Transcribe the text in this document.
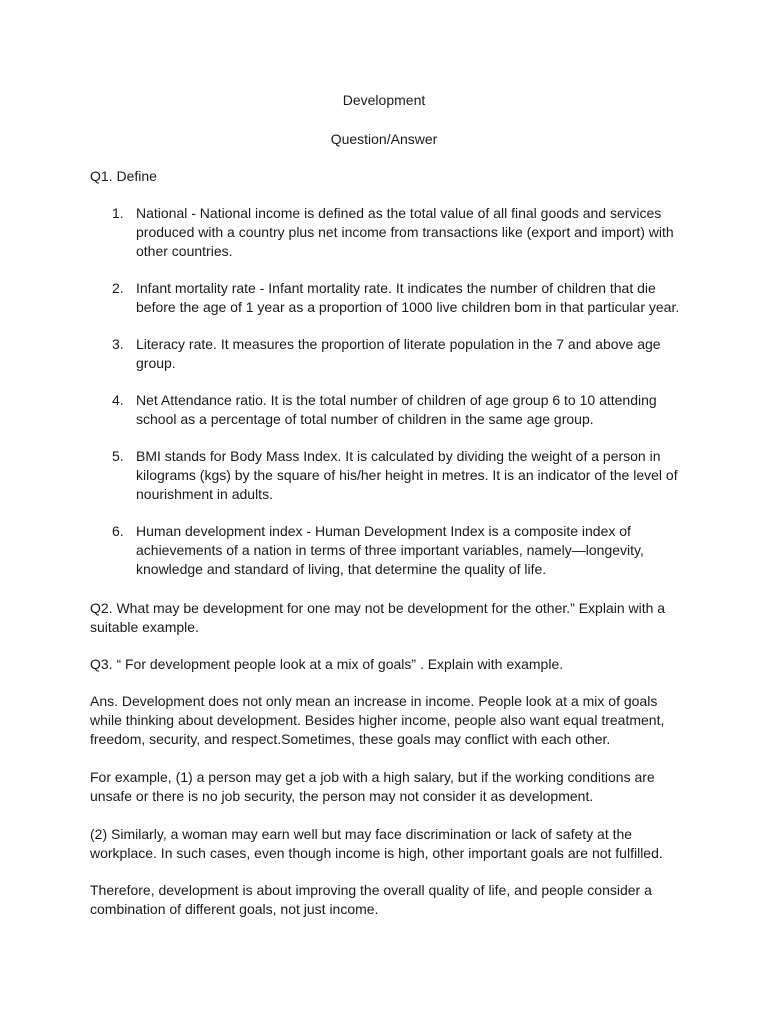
Development
Question/Answer
Q1. Define
1. National - National income is defined as the total value of all final goods and services produced with a country plus net income from transactions like (export and import) with other countries.
2. Infant mortality rate - Infant mortality rate. It indicates the number of children that die before the age of 1 year as a proportion of 1000 live children bom in that particular year.
3. Literacy rate. It measures the proportion of literate population in the 7 and above age group.
4. Net Attendance ratio. It is the total number of children of age group 6 to 10 attending school as a percentage of total number of children in the same age group.
5. BMI stands for Body Mass Index. It is calculated by dividing the weight of a person in kilograms (kgs) by the square of his/her height in metres. It is an indicator of the level of nourishment in adults.
6. Human development index - Human Development Index is a composite index of achievements of a nation in terms of three important variables, namely—longevity, knowledge and standard of living, that determine the quality of life.

Q2. What may be development for one may not be development for the other.” Explain with a suitable example.

Q3. “ For development people look at a mix of goals” . Explain with example.

Ans. Development does not only mean an increase in income. People look at a mix of goals while thinking about development. Besides higher income, people also want equal treatment, freedom, security, and respect.Sometimes, these goals may conflict with each other.

For example, (1) a person may get a job with a high salary, but if the working conditions are unsafe or there is no job security, the person may not consider it as development.

(2) Similarly, a woman may earn well but may face discrimination or lack of safety at the workplace. In such cases, even though income is high, other important goals are not fulfilled.

Therefore, development is about improving the overall quality of life, and people consider a combination of different goals, not just income.
